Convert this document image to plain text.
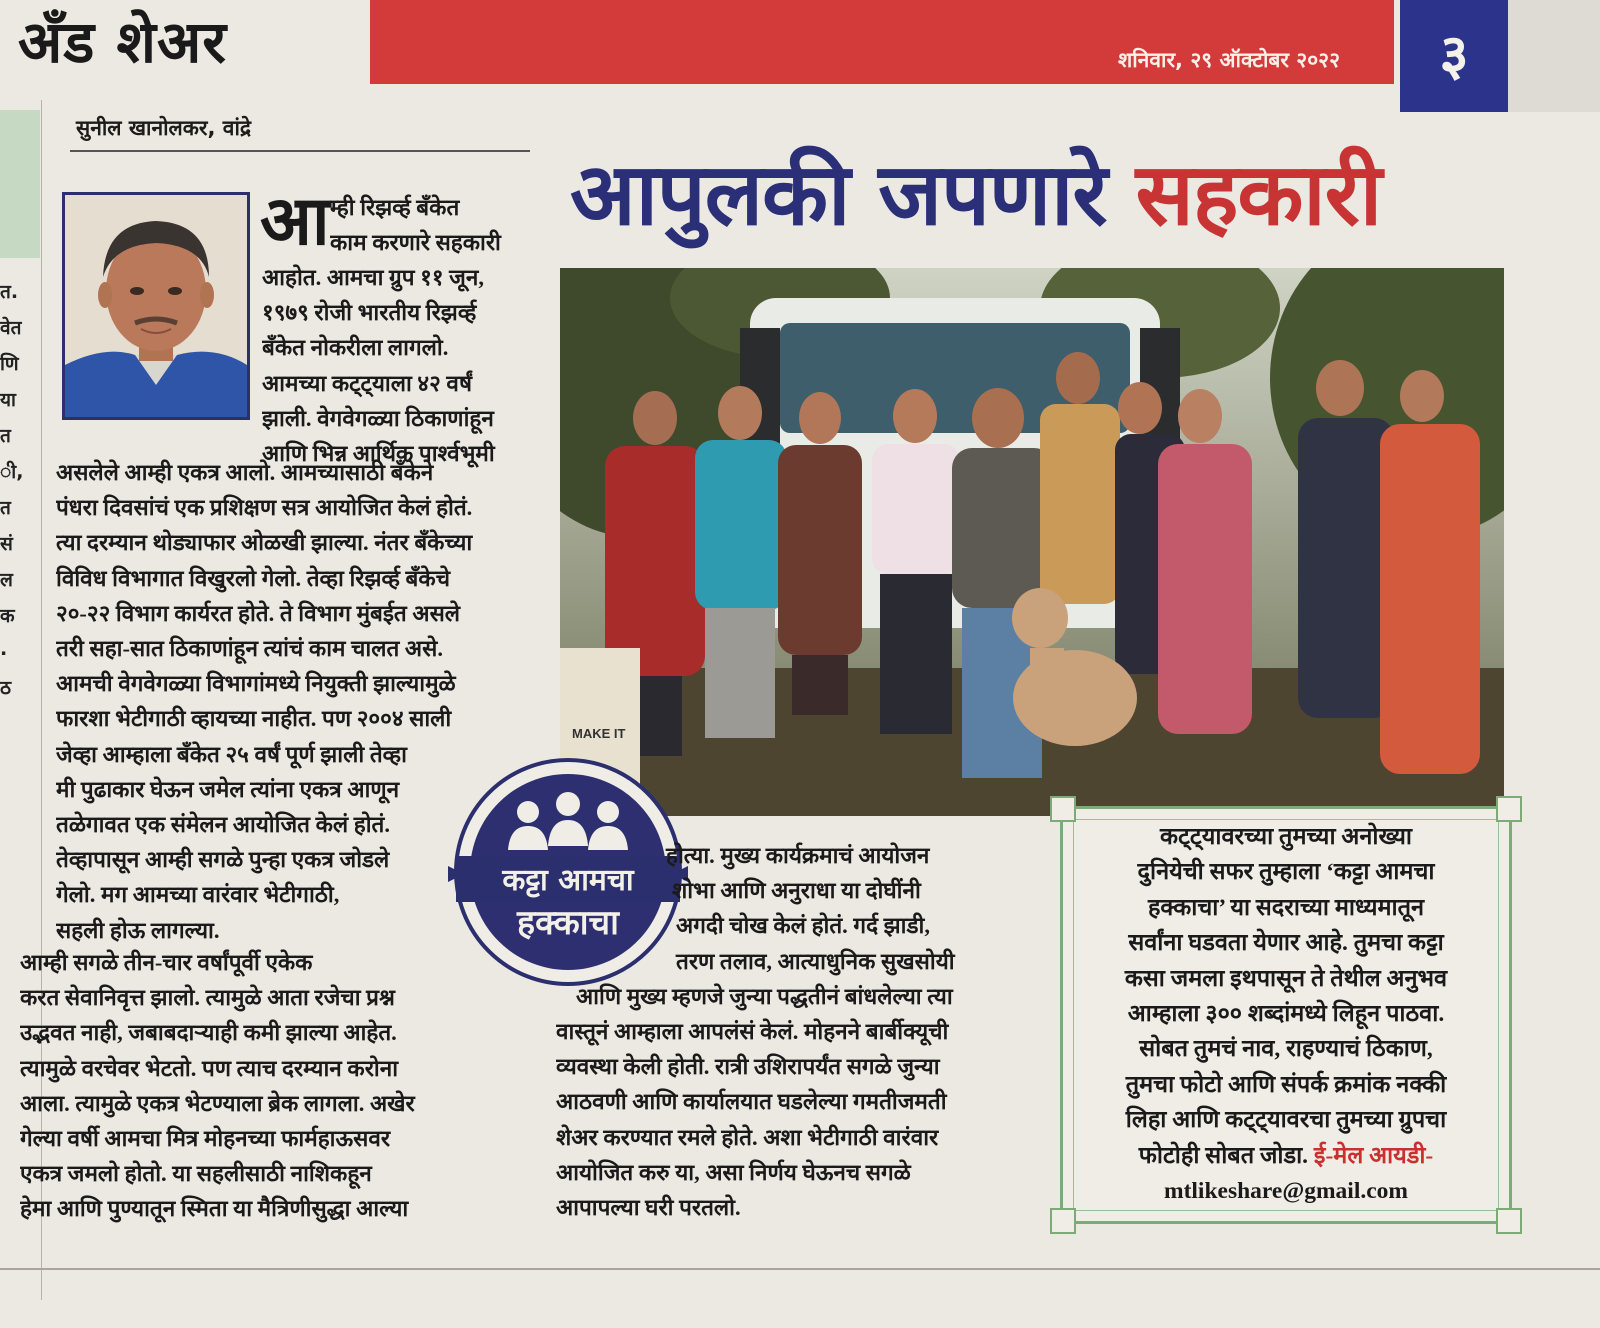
अँड शेअर	शनिवार, २९ ऑक्टोबर २०२२	३
त.
वेत
णि
या
त
ी,
त
सं
ल
क
.
ठ
सुनील खानोलकर, वांद्रे
आ म्ही रिझर्व्ह बँकेत
काम करणारे सहकारी
आहोत. आमचा ग्रुप ११ जून,
१९७९ रोजी भारतीय रिझर्व्ह
बँकेत नोकरीला लागलो.
आमच्या कट्ट्याला ४२ वर्षं
झाली. वेगवेगळ्या ठिकाणांहून
आणि भिन्न आर्थिक पार्श्वभूमी
असलेले आम्ही एकत्र आलो. आमच्यासाठी बँकेने
पंधरा दिवसांचं एक प्रशिक्षण सत्र आयोजित केलं होतं.
त्या दरम्यान थोड्याफार ओळखी झाल्या. नंतर बँकेच्या
विविध विभागात विखुरलो गेलो. तेव्हा रिझर्व्ह बँकेचे
२०-२२ विभाग कार्यरत होते. ते विभाग मुंबईत असले
तरी सहा-सात ठिकाणांहून त्यांचं काम चालत असे.
आमची वेगवेगळ्या विभागांमध्ये नियुक्ती झाल्यामुळे
फारशा भेटीगाठी व्हायच्या नाहीत. पण २००४ साली
जेव्हा आम्हाला बँकेत २५ वर्षं पूर्ण झाली तेव्हा
मी पुढाकार घेऊन जमेल त्यांना एकत्र आणून
तळेगावत एक संमेलन आयोजित केलं होतं.
तेव्हापासून आम्ही सगळे पुन्हा एकत्र जोडले
गेलो. मग आमच्या वारंवार भेटीगाठी,
सहली होऊ लागल्या.
आम्ही सगळे तीन-चार वर्षांपूर्वी एकेक
करत सेवानिवृत्त झालो. त्यामुळे आता रजेचा प्रश्न
उद्भवत नाही, जबाबदाऱ्याही कमी झाल्या आहेत.
त्यामुळे वरचेवर भेटतो. पण त्याच दरम्यान करोना
आला. त्यामुळे एकत्र भेटण्याला ब्रेक लागला. अखेर
गेल्या वर्षी आमचा मित्र मोहनच्या फार्महाऊसवर
एकत्र जमलो होतो. या सहलीसाठी नाशिकहून
हेमा आणि पुण्यातून स्मिता या मैत्रिणीसुद्धा आल्या
आपुलकी जपणारे सहकारी
MAKE IT
कट्टा आमचा
हक्काचा
होत्या. मुख्य कार्यक्रमाचं आयोजन
शोभा आणि अनुराधा या दोघींनी
अगदी चोख केलं होतं. गर्द झाडी,
तरण तलाव, आत्याधुनिक सुखसोयी
आणि मुख्य म्हणजे जुन्या पद्धतीनं बांधलेल्या त्या
वास्तूनं आम्हाला आपलंसं केलं. मोहनने बार्बीक्यूची
व्यवस्था केली होती. रात्री उशिरापर्यंत सगळे जुन्या
आठवणी आणि कार्यालयात घडलेल्या गमतीजमती
शेअर करण्यात रमले होते. अशा भेटीगाठी वारंवार
आयोजित करु या, असा निर्णय घेऊनच सगळे
आपापल्या घरी परतलो.
कट्ट्यावरच्या तुमच्या अनोख्या
दुनियेची सफर तुम्हाला ‘कट्टा आमचा
हक्काचा’ या सदराच्या माध्यमातून
सर्वांना घडवता येणार आहे. तुमचा कट्टा
कसा जमला इथपासून ते तेथील अनुभव
आम्हाला ३०० शब्दांमध्ये लिहून पाठवा.
सोबत तुमचं नाव, राहण्याचं ठिकाण,
तुमचा फोटो आणि संपर्क क्रमांक नक्की
लिहा आणि कट्ट्यावरचा तुमच्या ग्रुपचा
फोटोही सोबत जोडा. ई-मेल आयडी-
mtlikeshare@gmail.com
